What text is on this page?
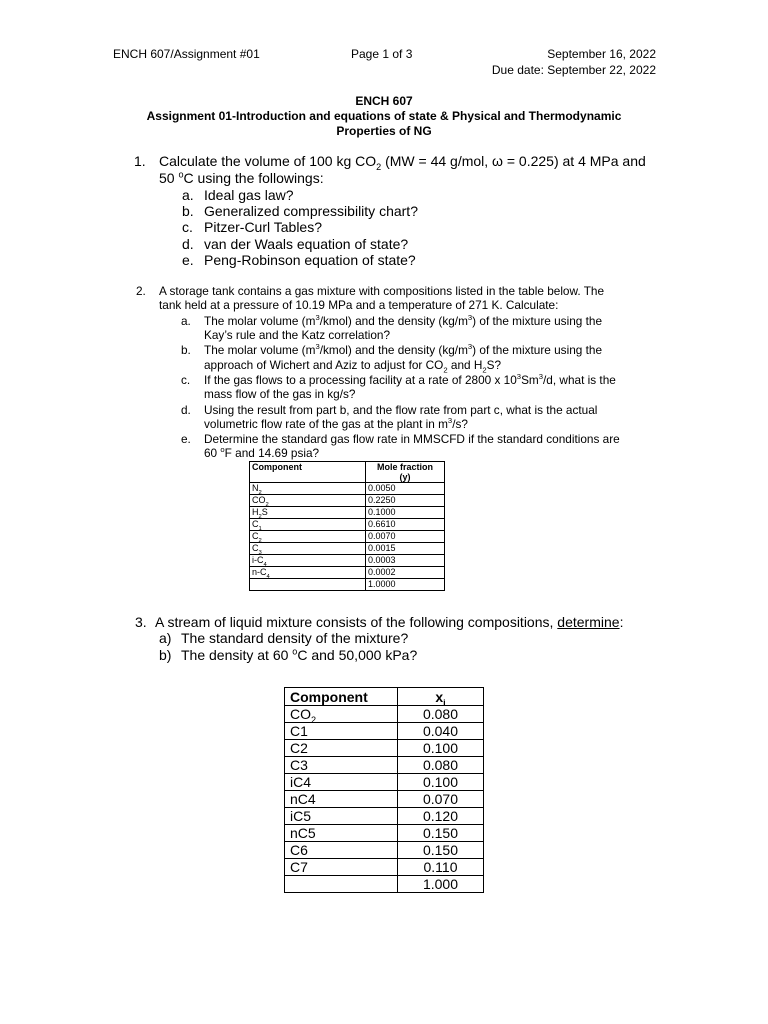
ENCH 607/Assignment #01	Page 1 of 3	September 16, 2022
Due date: September 22, 2022
ENCH 607
Assignment 01-Introduction and equations of state & Physical and Thermodynamic
Properties of NG
1. Calculate the volume of 100 kg $CO_2$ (MW = 44 g/mol, ω = 0.225) at 4 MPa and
50 $^o$C using the followings:
a. Ideal gas law?
b. Generalized compressibility chart?
c. Pitzer-Curl Tables?
d. van der Waals equation of state?
e. Peng-Robinson equation of state?
2. A storage tank contains a gas mixture with compositions listed in the table below. The
tank held at a pressure of 10.19 MPa and a temperature of 271 K. Calculate:
a. The molar volume $(m^3/kmol)$ and the density $(kg/m^3)$ of the mixture using the
Kay’s rule and the Katz correlation?
b. The molar volume $(m^3/kmol)$ and the density $(kg/m^3)$ of the mixture using the
approach of Wichert and Aziz to adjust for $CO_2$ and $H_2S$?
c. If the gas flows to a processing facility at a rate of 2800 x $10^3Sm^3/d$, what is the
mass flow of the gas in kg/s?
d. Using the result from part b, and the flow rate from part c, what is the actual
volumetric flow rate of the gas at the plant in $m^3/s$?
e. Determine the standard gas flow rate in MMSCFD if the standard conditions are
60 $^o$F and 14.69 psia?
Component	Mole fraction
(y)
$N_2$	0.0050
$CO_2$	0.2250
$H_2S$	0.1000
$C_1$	0.6610
$C_2$	0.0070
$C_3$	0.0015
$i-C_4$	0.0003
$n-C_4$	0.0002
	1.0000
3. A stream of liquid mixture consists of the following compositions, determine:
a) The standard density of the mixture?
b) The density at 60 $^o$C and 50,000 kPa?
Component	$x_i$
$CO_2$	0.080
C1	0.040
C2	0.100
C3	0.080
iC4	0.100
nC4	0.070
iC5	0.120
nC5	0.150
C6	0.150
C7	0.110
	1.000
